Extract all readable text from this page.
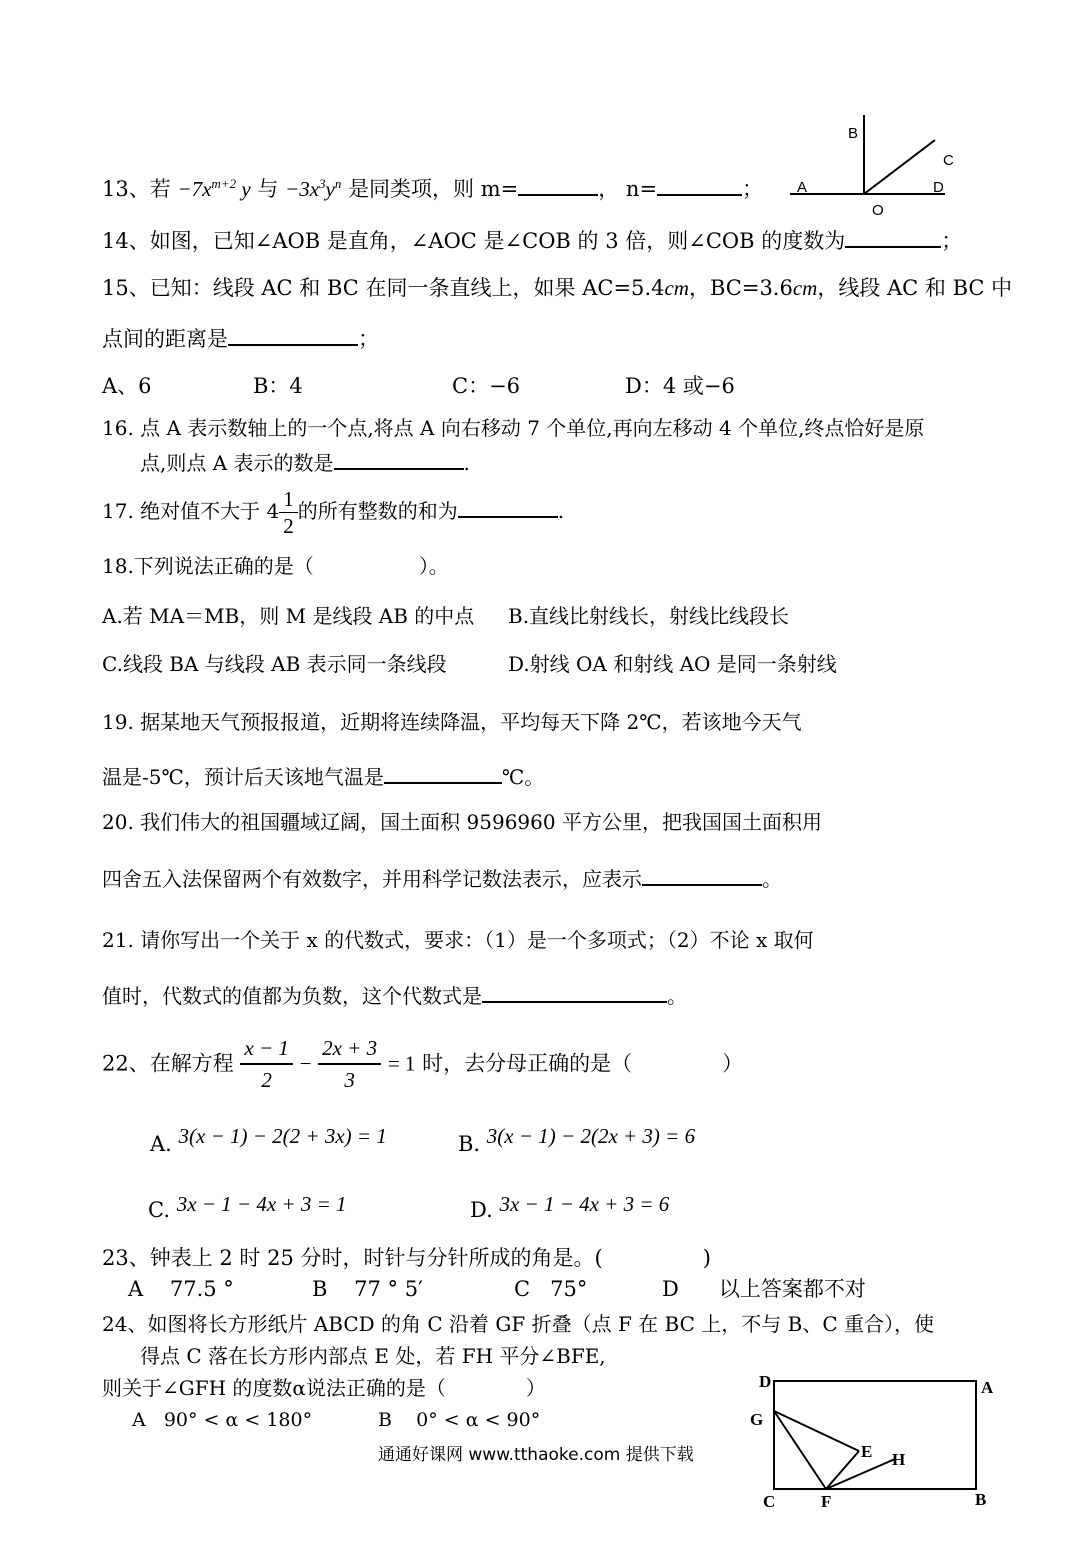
13、若 $-7x^{m+2}$ y 与 $-3x^3y^n$ 是同类项，则 m=	， n=	；
B
C
A	D
O
14、如图，已知∠AOB 是直角，∠AOC 是∠COB 的 3 倍，则∠COB 的度数为	；
15、已知：线段 AC 和 BC 在同一条直线上，如果 AC=5.4cm，BC=3.6cm，线段 AC 和 BC 中
点间的距离是	；
A、6	B：4	C：−6	D：4 或−6
16. 点 A 表示数轴上的一个点,将点 A 向右移动 7 个单位,再向左移动 4 个单位,终点恰好是原
点,则点 A 表示的数是	.
17. 绝对值不大于 $4 \frac{1}{2}$ 的所有整数的和为	.
18.下列说法正确的是（	）。
A.若 MA＝MB，则 M 是线段 AB 的中点 B.直线比射线长，射线比线段长
C.线段 BA 与线段 AB 表示同一条线段	D.射线 OA 和射线 AO 是同一条射线
19. 据某地天气预报报道，近期将连续降温，平均每天下降 2℃，若该地今天气
温是-5℃，预计后天该地气温是	℃。
20. 我们伟大的祖国疆域辽阔，国土面积 9596960 平方公里，把我国国土面积用
四舍五入法保留两个有效数字，并用科学记数法表示，应表示	。
21. 请你写出一个关于 x 的代数式，要求：（1）是一个多项式；（2）不论 x 取何
值时，代数式的值都为负数，这个代数式是	。
22、在解方程 $\frac{x - 1}{2} - \frac{2x + 3}{3} = 1$ 时，去分母正确的是（	）
A. 3(x − 1) − 2(2 + 3x) = 1	B. 3(x − 1) − 2(2x + 3) = 6
C. 3x − 1 − 4x + 3 = 1	D. 3x − 1 − 4x + 3 = 6
23、钟表上 2 时 25 分时，时针与分针所成的角是。(	)
A    77.5 °	B    77 ° 5′	C   75°	D      以上答案都不对
24、如图将长方形纸片 ABCD 的角 C 沿着 GF 折叠（点 F 在 BC 上，不与 B、C 重合），使
得点 C 落在长方形内部点 E 处，若 FH 平分∠BFE,
则关于∠GFH 的度数α说法正确的是（	）
A   90° < α < 180°	B    0° < α < 90°
D	A
G
E H
C	F	B
通通好课网 www.tthaoke.com 提供下载
